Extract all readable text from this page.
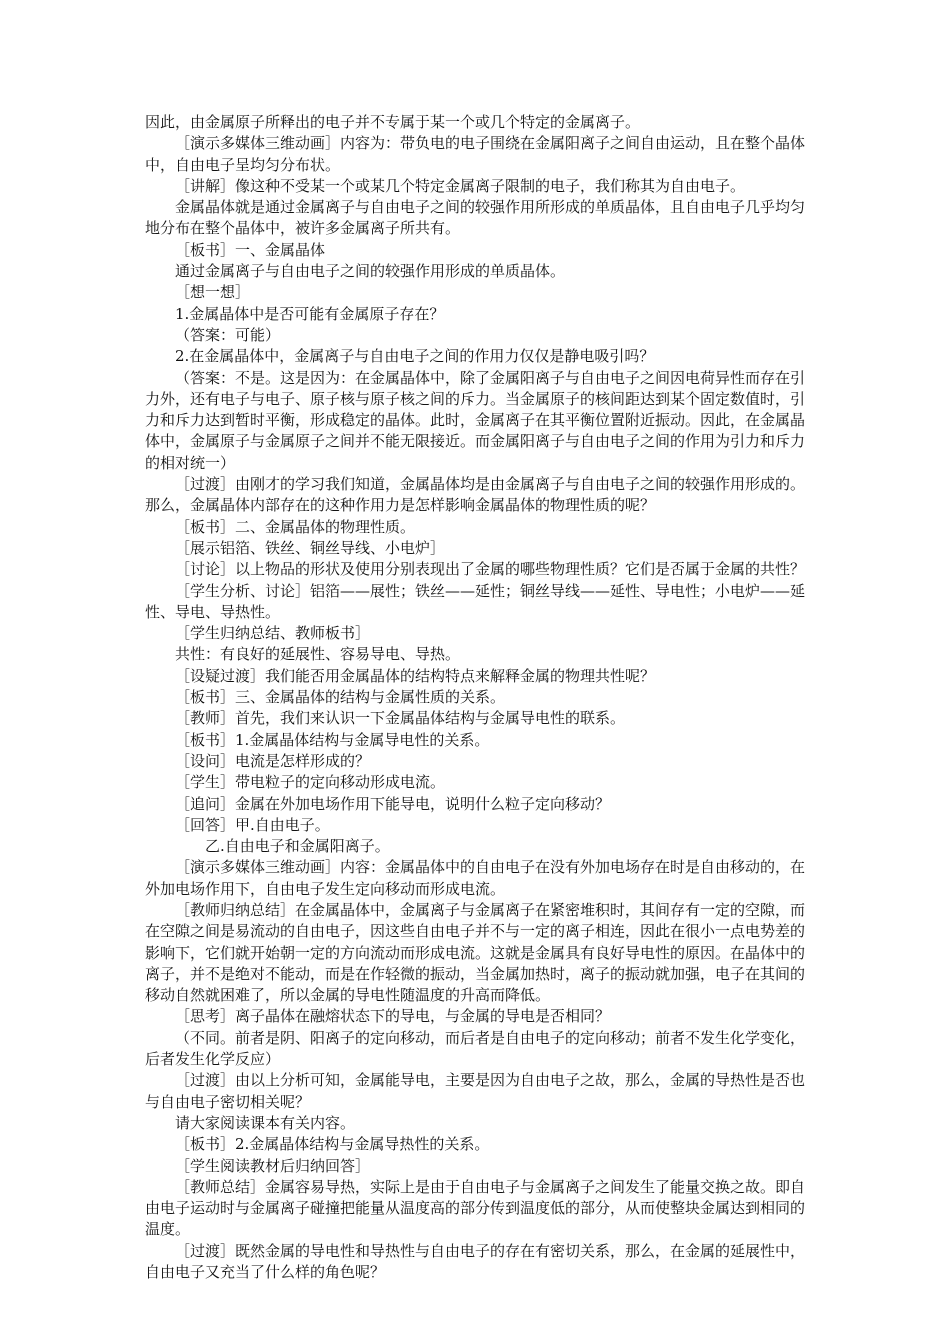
因此，由金属原子所释出的电子并不专属于某一个或几个特定的金属离子。

［演示多媒体三维动画］内容为：带负电的电子围绕在金属阳离子之间自由运动，且在整个晶体中，自由电子呈均匀分布状。

［讲解］像这种不受某一个或某几个特定金属离子限制的电子，我们称其为自由电子。

金属晶体就是通过金属离子与自由电子之间的较强作用所形成的单质晶体，且自由电子几乎均匀地分布在整个晶体中，被许多金属离子所共有。

［板书］一、金属晶体

通过金属离子与自由电子之间的较强作用形成的单质晶体。

［想一想］

1.金属晶体中是否可能有金属原子存在？

（答案：可能）

2.在金属晶体中，金属离子与自由电子之间的作用力仅仅是静电吸引吗？

（答案：不是。这是因为：在金属晶体中，除了金属阳离子与自由电子之间因电荷异性而存在引力外，还有电子与电子、原子核与原子核之间的斥力。当金属原子的核间距达到某个固定数值时，引力和斥力达到暂时平衡，形成稳定的晶体。此时，金属离子在其平衡位置附近振动。因此，在金属晶体中，金属原子与金属原子之间并不能无限接近。而金属阳离子与自由电子之间的作用为引力和斥力的相对统一）

［过渡］由刚才的学习我们知道，金属晶体均是由金属离子与自由电子之间的较强作用形成的。那么，金属晶体内部存在的这种作用力是怎样影响金属晶体的物理性质的呢？

［板书］二、金属晶体的物理性质。

［展示铝箔、铁丝、铜丝导线、小电炉］

［讨论］以上物品的形状及使用分别表现出了金属的哪些物理性质？它们是否属于金属的共性？

［学生分析、讨论］铝箔——展性；铁丝——延性；铜丝导线——延性、导电性；小电炉——延性、导电、导热性。

［学生归纳总结、教师板书］

共性：有良好的延展性、容易导电、导热。

［设疑过渡］我们能否用金属晶体的结构特点来解释金属的物理共性呢？

［板书］三、金属晶体的结构与金属性质的关系。

［教师］首先，我们来认识一下金属晶体结构与金属导电性的联系。

［板书］1.金属晶体结构与金属导电性的关系。

［设问］电流是怎样形成的？

［学生］带电粒子的定向移动形成电流。

［追问］金属在外加电场作用下能导电，说明什么粒子定向移动？

［回答］甲.自由电子。

乙.自由电子和金属阳离子。

［演示多媒体三维动画］内容：金属晶体中的自由电子在没有外加电场存在时是自由移动的，在外加电场作用下，自由电子发生定向移动而形成电流。

［教师归纳总结］在金属晶体中，金属离子与金属离子在紧密堆积时，其间存有一定的空隙，而在空隙之间是易流动的自由电子，因这些自由电子并不与一定的离子相连，因此在很小一点电势差的影响下，它们就开始朝一定的方向流动而形成电流。这就是金属具有良好导电性的原因。在晶体中的离子，并不是绝对不能动，而是在作轻微的振动，当金属加热时，离子的振动就加强，电子在其间的移动自然就困难了，所以金属的导电性随温度的升高而降低。

［思考］离子晶体在融熔状态下的导电，与金属的导电是否相同？

（不同。前者是阴、阳离子的定向移动，而后者是自由电子的定向移动；前者不发生化学变化，后者发生化学反应）

［过渡］由以上分析可知，金属能导电，主要是因为自由电子之故，那么，金属的导热性是否也与自由电子密切相关呢？

请大家阅读课本有关内容。

［板书］2.金属晶体结构与金属导热性的关系。

［学生阅读教材后归纳回答］

［教师总结］金属容易导热，实际上是由于自由电子与金属离子之间发生了能量交换之故。即自由电子运动时与金属离子碰撞把能量从温度高的部分传到温度低的部分，从而使整块金属达到相同的温度。

［过渡］既然金属的导电性和导热性与自由电子的存在有密切关系，那么，在金属的延展性中，自由电子又充当了什么样的角色呢？
